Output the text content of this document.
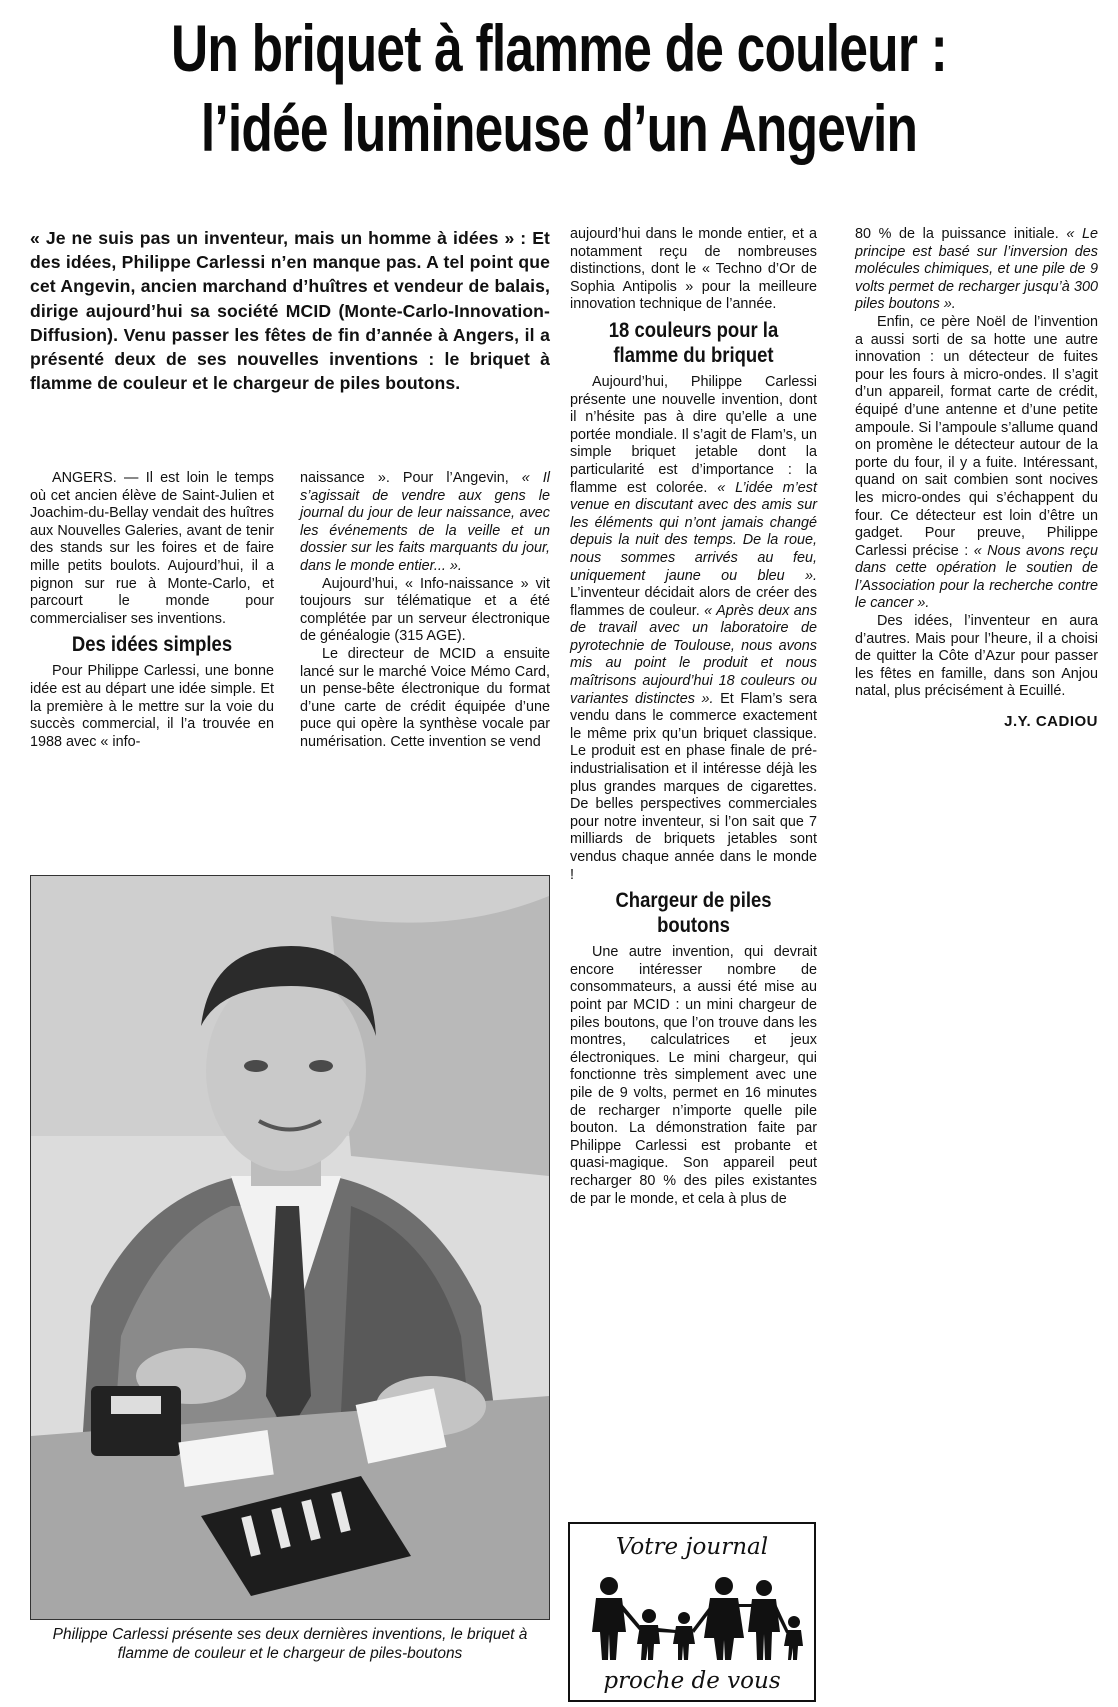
Un briquet à flamme de couleur :
l’idée lumineuse d’un Angevin

« Je ne suis pas un inventeur, mais un homme à idées » : Et des idées, Philippe Carlessi n’en manque pas. A tel point que cet Angevin, ancien marchand d’huîtres et vendeur de balais, dirige aujourd’hui sa société MCID (Monte-Carlo-Innovation-Diffusion). Venu passer les fêtes de fin d’année à Angers, il a présenté deux de ses nouvelles inventions : le briquet à flamme de couleur et le chargeur de piles boutons.

ANGERS. — Il est loin le temps où cet ancien élève de Saint-Julien et Joachim-du-Bellay vendait des huîtres aux Nouvelles Galeries, avant de tenir des stands sur les foires et de faire mille petits boulots. Aujourd’hui, il a pignon sur rue à Monte-Carlo, et parcourt le monde pour commercialiser ses inventions.

Des idées simples

Pour Philippe Carlessi, une bonne idée est au départ une idée simple. Et la première à le mettre sur la voie du succès commercial, il l’a trouvée en 1988 avec « info-

naissance ». Pour l’Angevin, « Il s’agissait de vendre aux gens le journal du jour de leur naissance, avec les événements de la veille et un dossier sur les faits marquants du jour, dans le monde entier... ».

Aujourd’hui, « Info-naissance » vit toujours sur télématique et a été complétée par un serveur électronique de généalogie (315 AGE).

Le directeur de MCID a ensuite lancé sur le marché Voice Mémo Card, un pense-bête électronique du format d’une carte de crédit équipée d’une puce qui opère la synthèse vocale par numérisation. Cette invention se vend

aujourd’hui dans le monde entier, et a notamment reçu de nombreuses distinctions, dont le « Techno d’Or de Sophia Antipolis » pour la meilleure innovation technique de l’année.

18 couleurs pour la flamme du briquet

Aujourd’hui, Philippe Carlessi présente une nouvelle invention, dont il n’hésite pas à dire qu’elle a une portée mondiale. Il s’agit de Flam’s, un simple briquet jetable dont la particularité est d’importance : la flamme est colorée. « L’idée m’est venue en discutant avec des amis sur les éléments qui n’ont jamais changé depuis la nuit des temps. De la roue, nous sommes arrivés au feu, uniquement jaune ou bleu ». L’inventeur décidait alors de créer des flammes de couleur. « Après deux ans de travail avec un laboratoire de pyrotechnie de Toulouse, nous avons mis au point le produit et nous maîtrisons aujourd’hui 18 couleurs ou variantes distinctes ». Et Flam’s sera vendu dans le commerce exactement le même prix qu’un briquet classique. Le produit est en phase finale de pré-industrialisation et il intéresse déjà les plus grandes marques de cigarettes. De belles perspectives commerciales pour notre inventeur, si l’on sait que 7 milliards de briquets jetables sont vendus chaque année dans le monde !

Chargeur de piles boutons

Une autre invention, qui devrait encore intéresser nombre de consommateurs, a aussi été mise au point par MCID : un mini chargeur de piles boutons, que l’on trouve dans les montres, calculatrices et jeux électroniques. Le mini chargeur, qui fonctionne très simplement avec une pile de 9 volts, permet en 16 minutes de recharger n’importe quelle pile bouton. La démonstration faite par Philippe Carlessi est probante et quasi-magique. Son appareil peut recharger 80 % des piles existantes de par le monde, et cela à plus de

80 % de la puissance initiale. « Le principe est basé sur l’inversion des molécules chimiques, et une pile de 9 volts permet de recharger jusqu’à 300 piles boutons ».

Enfin, ce père Noël de l’invention a aussi sorti de sa hotte une autre innovation : un détecteur de fuites pour les fours à micro-ondes. Il s’agit d’un appareil, format carte de crédit, équipé d’une antenne et d’une petite ampoule. Si l’ampoule s’allume quand on promène le détecteur autour de la porte du four, il y a fuite. Intéressant, quand on sait combien sont nocives les micro-ondes qui s’échappent du four. Ce détecteur est loin d’être un gadget. Pour preuve, Philippe Carlessi précise : « Nous avons reçu dans cette opération le soutien de l’Association pour la recherche contre le cancer ».

Des idées, l’inventeur en aura d’autres. Mais pour l’heure, il a choisi de quitter la Côte d’Azur pour passer les fêtes en famille, dans son Anjou natal, plus précisément à Ecuillé.

J.Y. CADIOU

Philippe Carlessi présente ses deux dernières inventions, le briquet à flamme de couleur et le chargeur de piles-boutons

Votre journal
proche de vous
